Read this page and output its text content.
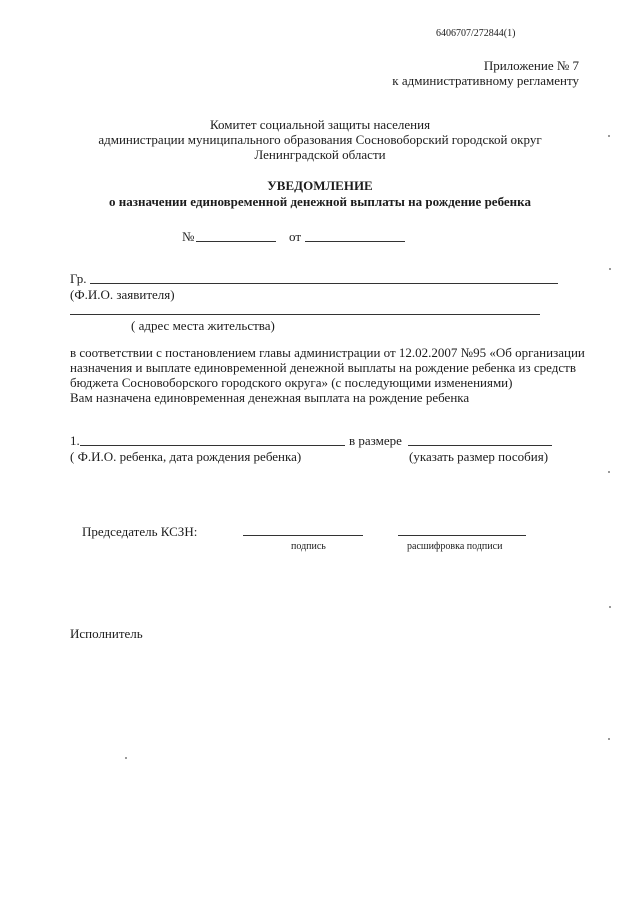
6406707/272844(1)
Приложение № 7
к административному регламенту
Комитет социальной защиты населения
администрации муниципального образования Сосновоборский городской округ
Ленинградской области
УВЕДОМЛЕНИЕ
о назначении единовременной денежной выплаты на рождение ребенка
№	от
Гр.
(Ф.И.О. заявителя)
( адрес места жительства)
в соответствии с постановлением главы администрации от 12.02.2007 №95 «Об организации
назначения и выплате единовременной денежной выплаты на рождение ребенка из средств
бюджета Сосновоборского городского округа» (с последующими изменениями)
Вам назначена единовременная денежная выплата на рождение ребенка
1.	в размере
( Ф.И.О. ребенка, дата рождения ребенка)	(указать размер пособия)
Председатель КСЗН:
подпись	расшифровка подписи
Исполнитель
